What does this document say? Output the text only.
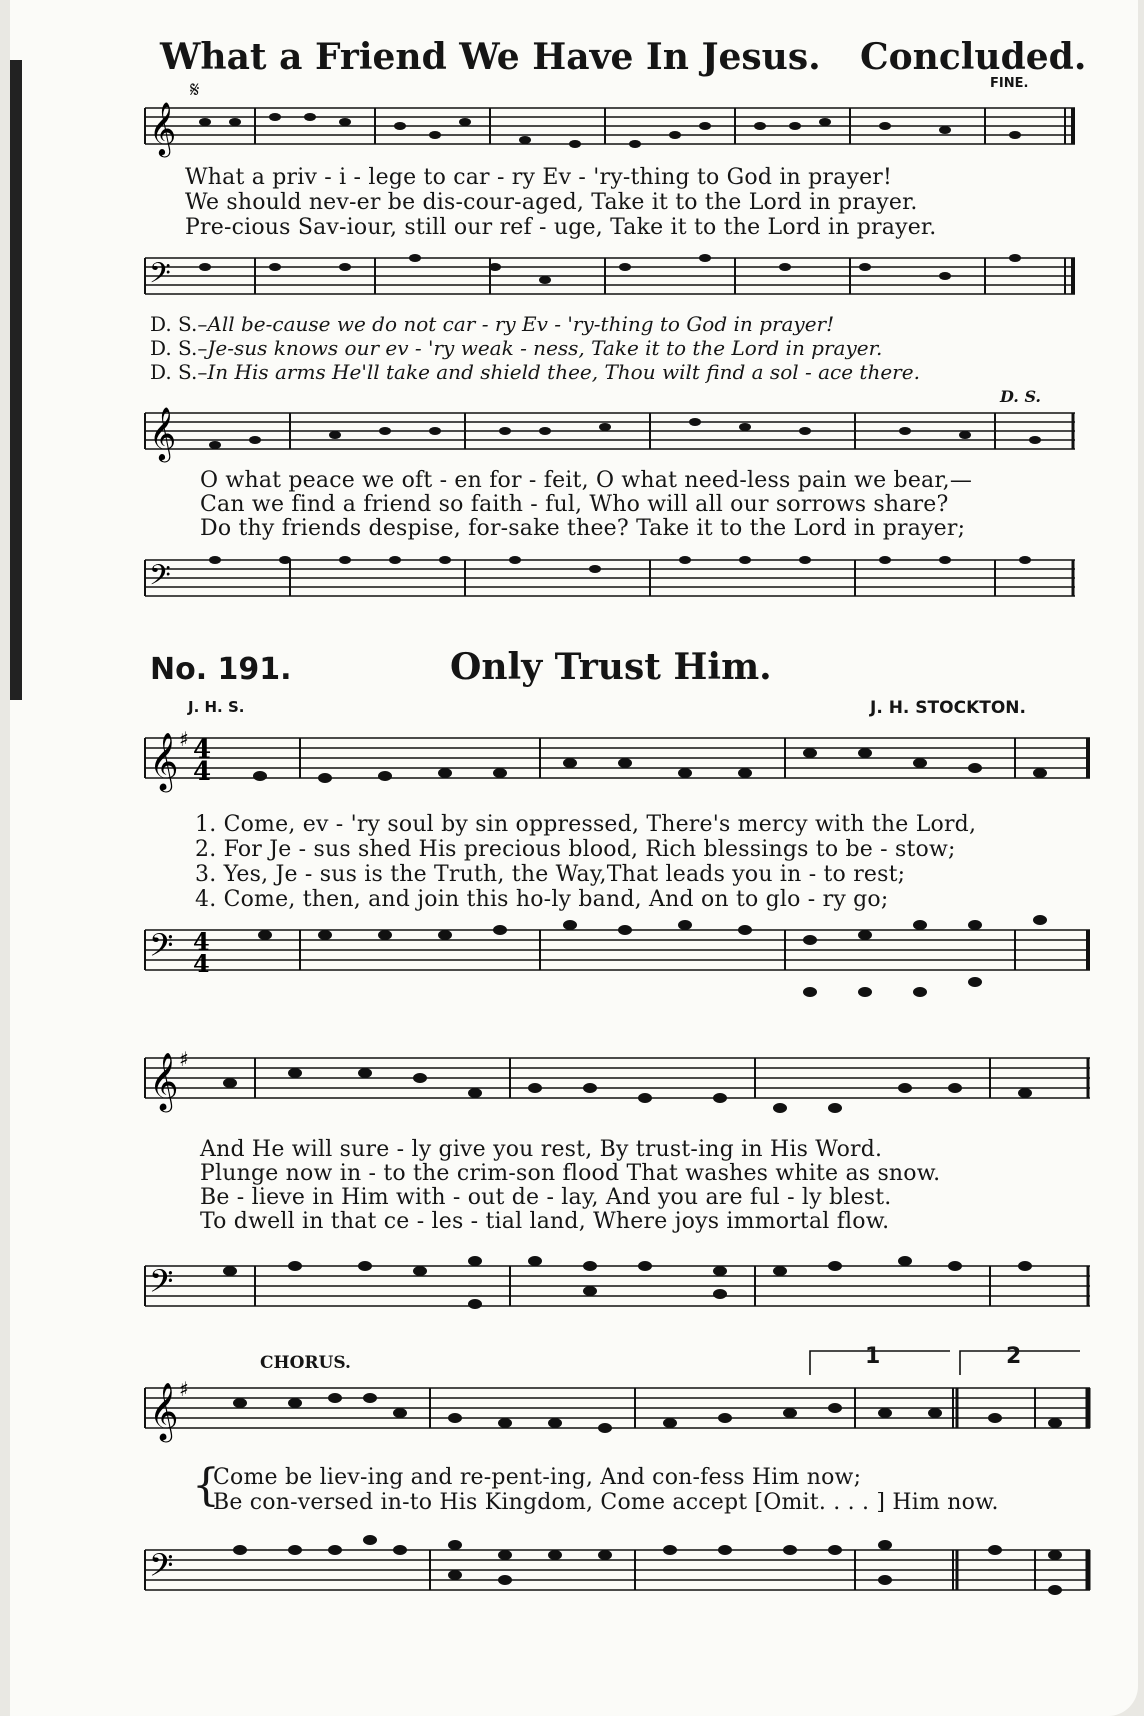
What a Friend We Have In Jesus. Concluded.
𝄋	FINE.
𝄞
What a priv - i - lege to car - ry Ev - 'ry-thing to God in prayer!
We should nev-er be dis-cour-aged, Take it to the Lord in prayer.
Pre-cious Sav-iour, still our ref - uge, Take it to the Lord in prayer.
𝄢
D. S.–All be-cause we do not car - ry Ev - 'ry-thing to God in prayer!
D. S.–Je-sus knows our ev - 'ry weak - ness, Take it to the Lord in prayer.
D. S.–In His arms He'll take and shield thee, Thou wilt find a sol - ace there.
D. S.
𝄞
O what peace we oft - en for - feit, O what need-less pain we bear,—
Can we find a friend so faith - ful, Who will all our sorrows share?
Do thy friends despise, for-sake thee? Take it to the Lord in prayer;
𝄢
No. 191.	Only Trust Him.
J. H. S.	J. H. STOCKTON.
𝄞 4
4
♯
1. Come, ev - 'ry soul by sin oppressed, There's mercy with the Lord,
2. For Je - sus shed His precious blood, Rich blessings to be - stow;
3. Yes, Je - sus is the Truth, the Way,That leads you in - to rest;
4. Come, then, and join this ho-ly band, And on to glo - ry go;
𝄢 4
4
𝄞 ♯
And He will sure - ly give you rest, By trust-ing in His Word.
Plunge now in - to the crim-son flood That washes white as snow.
Be - lieve in Him with - out de - lay, And you are ful - ly blest.
To dwell in that ce - les - tial land, Where joys immortal flow.
𝄢
CHORUS.	1	2
𝄞 ♯
{
Come be liev-ing and re-pent-ing, And con-fess Him now;
Be con-versed in-to His Kingdom, Come accept [Omit. . . . ] Him now.
𝄢
